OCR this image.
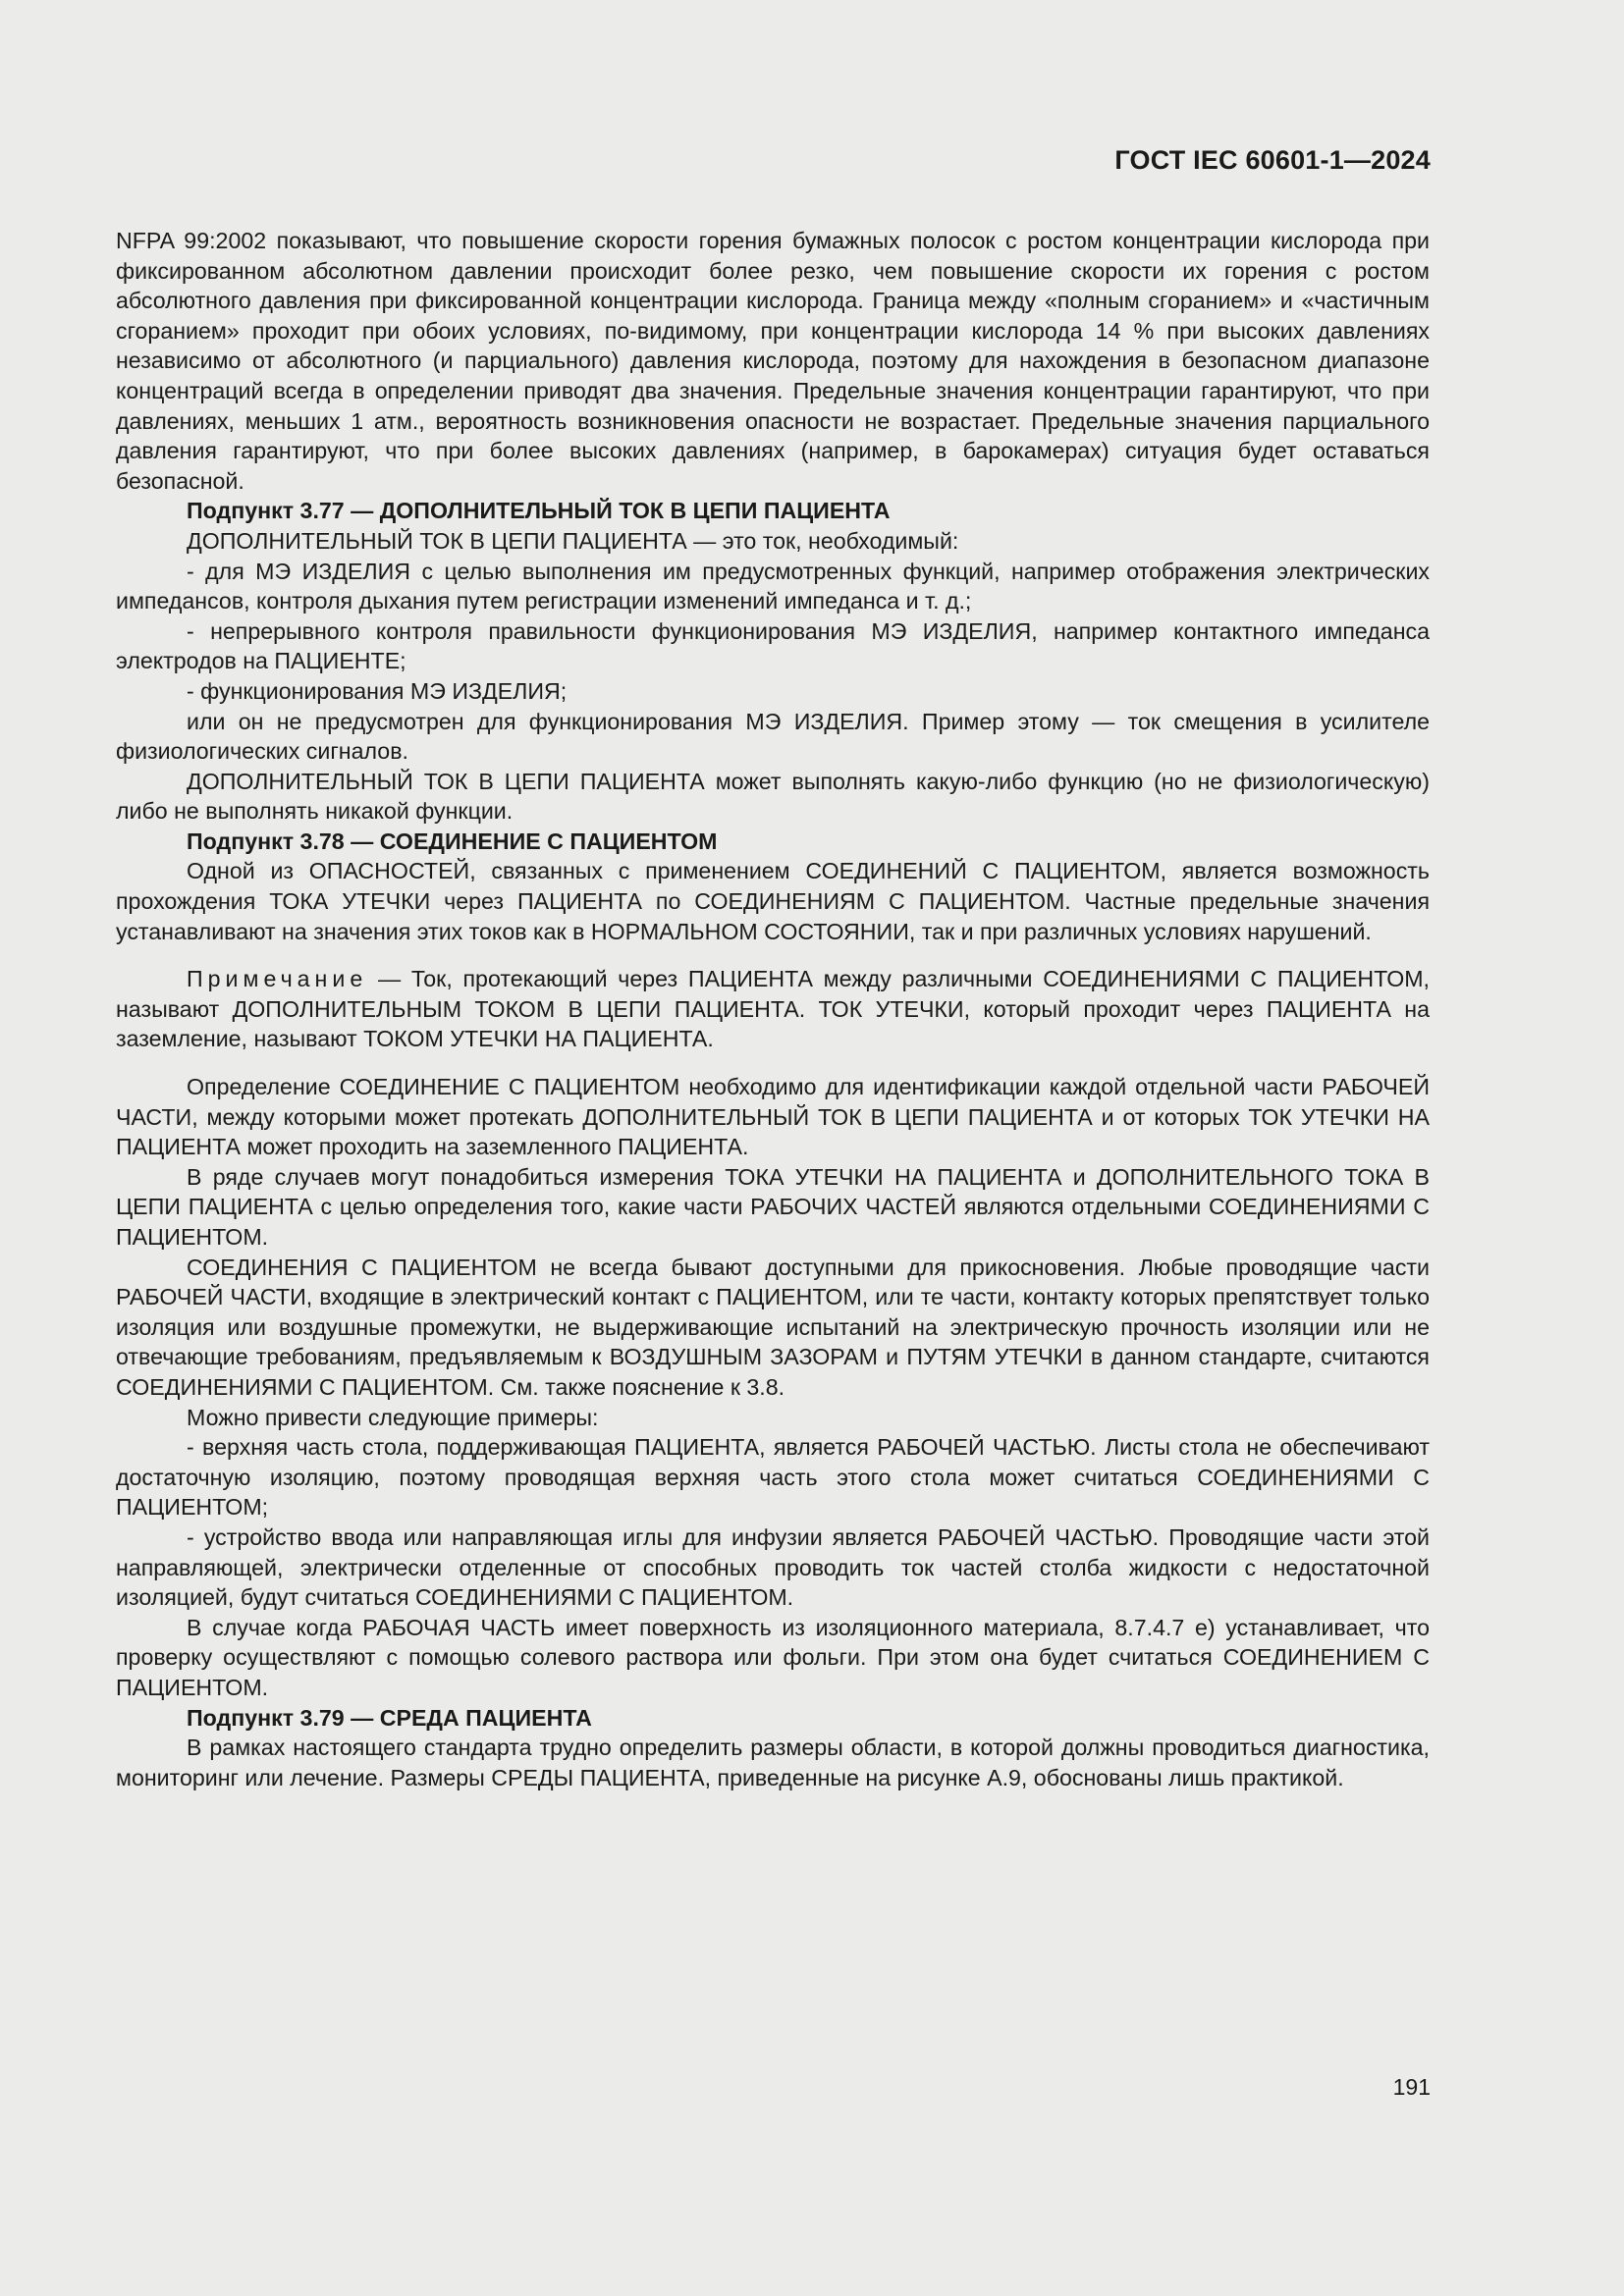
ГОСТ IEC 60601-1—2024

NFPA 99:2002 показывают, что повышение скорости горения бумажных полосок с ростом концентрации кислорода при фиксированном абсолютном давлении происходит более резко, чем повышение скорости их горения с ростом абсолютного давления при фиксированной концентрации кислорода. Граница между «полным сгоранием» и «частичным сгоранием» проходит при обоих условиях, по-видимому, при концентрации кислорода 14 % при высоких давлениях независимо от абсолютного (и парциального) давления кислорода, поэтому для нахождения в безопасном диапазоне концентраций всегда в определении приводят два значения. Предельные значения концентрации гарантируют, что при давлениях, меньших 1 атм., вероятность возникновения опасности не возрастает. Предельные значения парциального давления гарантируют, что при более высоких давлениях (например, в барокамерах) ситуация будет оставаться безопасной.

Подпункт 3.77 — ДОПОЛНИТЕЛЬНЫЙ ТОК В ЦЕПИ ПАЦИЕНТА

ДОПОЛНИТЕЛЬНЫЙ ТОК В ЦЕПИ ПАЦИЕНТА — это ток, необходимый:

- для МЭ ИЗДЕЛИЯ с целью выполнения им предусмотренных функций, например отображения электрических импедансов, контроля дыхания путем регистрации изменений импеданса и т. д.;

- непрерывного контроля правильности функционирования МЭ ИЗДЕЛИЯ, например контактного импеданса электродов на ПАЦИЕНТЕ;

- функционирования МЭ ИЗДЕЛИЯ;

или он не предусмотрен для функционирования МЭ ИЗДЕЛИЯ. Пример этому — ток смещения в усилителе физиологических сигналов.

ДОПОЛНИТЕЛЬНЫЙ ТОК В ЦЕПИ ПАЦИЕНТА может выполнять какую-либо функцию (но не физиологическую) либо не выполнять никакой функции.

Подпункт 3.78 — СОЕДИНЕНИЕ С ПАЦИЕНТОМ

Одной из ОПАСНОСТЕЙ, связанных с применением СОЕДИНЕНИЙ С ПАЦИЕНТОМ, является возможность прохождения ТОКА УТЕЧКИ через ПАЦИЕНТА по СОЕДИНЕНИЯМ С ПАЦИЕНТОМ. Частные предельные значения устанавливают на значения этих токов как в НОРМАЛЬНОМ СОСТОЯНИИ, так и при различных условиях нарушений.

Примечание — Ток, протекающий через ПАЦИЕНТА между различными СОЕДИНЕНИЯМИ С ПАЦИЕНТОМ, называют ДОПОЛНИТЕЛЬНЫМ ТОКОМ В ЦЕПИ ПАЦИЕНТА. ТОК УТЕЧКИ, который проходит через ПАЦИЕНТА на заземление, называют ТОКОМ УТЕЧКИ НА ПАЦИЕНТА.

Определение СОЕДИНЕНИЕ С ПАЦИЕНТОМ необходимо для идентификации каждой отдельной части РАБОЧЕЙ ЧАСТИ, между которыми может протекать ДОПОЛНИТЕЛЬНЫЙ ТОК В ЦЕПИ ПАЦИЕНТА и от которых ТОК УТЕЧКИ НА ПАЦИЕНТА может проходить на заземленного ПАЦИЕНТА.

В ряде случаев могут понадобиться измерения ТОКА УТЕЧКИ НА ПАЦИЕНТА и ДОПОЛНИТЕЛЬНОГО ТОКА В ЦЕПИ ПАЦИЕНТА с целью определения того, какие части РАБОЧИХ ЧАСТЕЙ являются отдельными СОЕДИНЕНИЯМИ С ПАЦИЕНТОМ.

СОЕДИНЕНИЯ С ПАЦИЕНТОМ не всегда бывают доступными для прикосновения. Любые проводящие части РАБОЧЕЙ ЧАСТИ, входящие в электрический контакт с ПАЦИЕНТОМ, или те части, контакту которых препятствует только изоляция или воздушные промежутки, не выдерживающие испытаний на электрическую прочность изоляции или не отвечающие требованиям, предъявляемым к ВОЗДУШНЫМ ЗАЗОРАМ и ПУТЯМ УТЕЧКИ в данном стандарте, считаются СОЕДИНЕНИЯМИ С ПАЦИЕНТОМ. См. также пояснение к 3.8.

Можно привести следующие примеры:

- верхняя часть стола, поддерживающая ПАЦИЕНТА, является РАБОЧЕЙ ЧАСТЬЮ. Листы стола не обеспечивают достаточную изоляцию, поэтому проводящая верхняя часть этого стола может считаться СОЕДИНЕНИЯМИ С ПАЦИЕНТОМ;

- устройство ввода или направляющая иглы для инфузии является РАБОЧЕЙ ЧАСТЬЮ. Проводящие части этой направляющей, электрически отделенные от способных проводить ток частей столба жидкости с недостаточной изоляцией, будут считаться СОЕДИНЕНИЯМИ С ПАЦИЕНТОМ.

В случае когда РАБОЧАЯ ЧАСТЬ имеет поверхность из изоляционного материала, 8.7.4.7 е) устанавливает, что проверку осуществляют с помощью солевого раствора или фольги. При этом она будет считаться СОЕДИНЕНИЕМ С ПАЦИЕНТОМ.

Подпункт 3.79 — СРЕДА ПАЦИЕНТА

В рамках настоящего стандарта трудно определить размеры области, в которой должны проводиться диагностика, мониторинг или лечение. Размеры СРЕДЫ ПАЦИЕНТА, приведенные на рисунке А.9, обоснованы лишь практикой.

191
